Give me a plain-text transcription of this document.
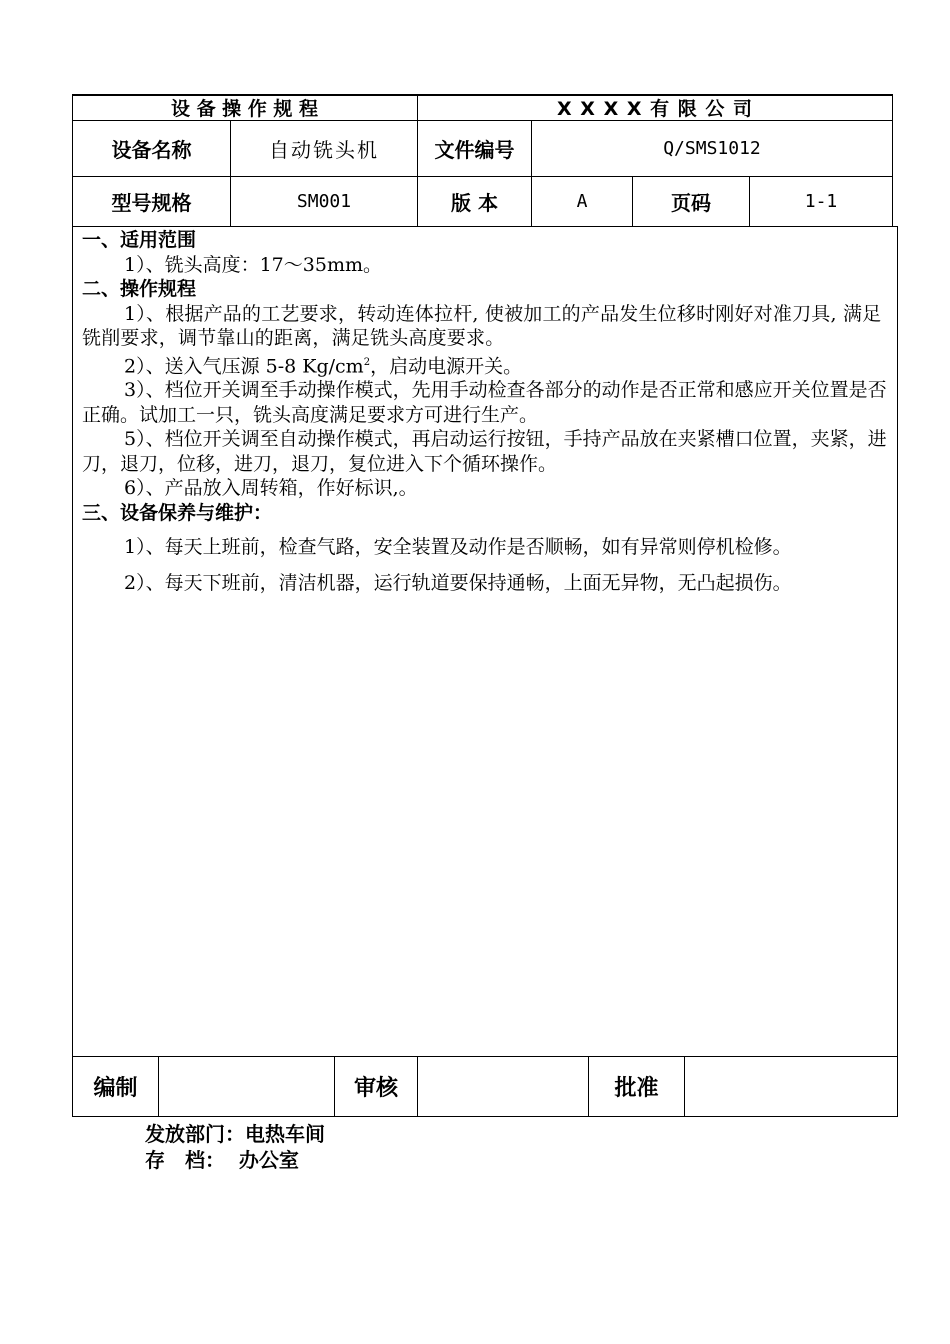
设 备 操 作 规 程	X X X X 有 限 公 司
设备名称	自动铣头机	文件编号	Q/SMS1012
型号规格	SM001	版 本	A	页码	1-1

一、适用范围

1）、铣头高度：17～35mm。

二、操作规程

1）、根据产品的工艺要求，转动连体拉杆, 使被加工的产品发生位移时刚好对准刀具, 满足铣削要求，调节靠山的距离，满足铣头高度要求。

2）、送入气压源 5-8 $Kg/cm^2$，启动电源开关。

3）、档位开关调至手动操作模式，先用手动检查各部分的动作是否正常和感应开关位置是否正确。试加工一只，铣头高度满足要求方可进行生产。

5）、档位开关调至自动操作模式，再启动运行按钮，手持产品放在夹紧槽口位置，夹紧，进刀，退刀，位移，进刀，退刀，复位进入下个循环操作。

6）、产品放入周转箱，作好标识,。

三、设备保养与维护：

1）、每天上班前，检查气路，安全装置及动作是否顺畅，如有异常则停机检修。

2）、每天下班前，清洁机器，运行轨道要保持通畅，上面无异物，无凸起损伤。

编制	审核	批准
发放部门：电热车间
存　档：  办公室
